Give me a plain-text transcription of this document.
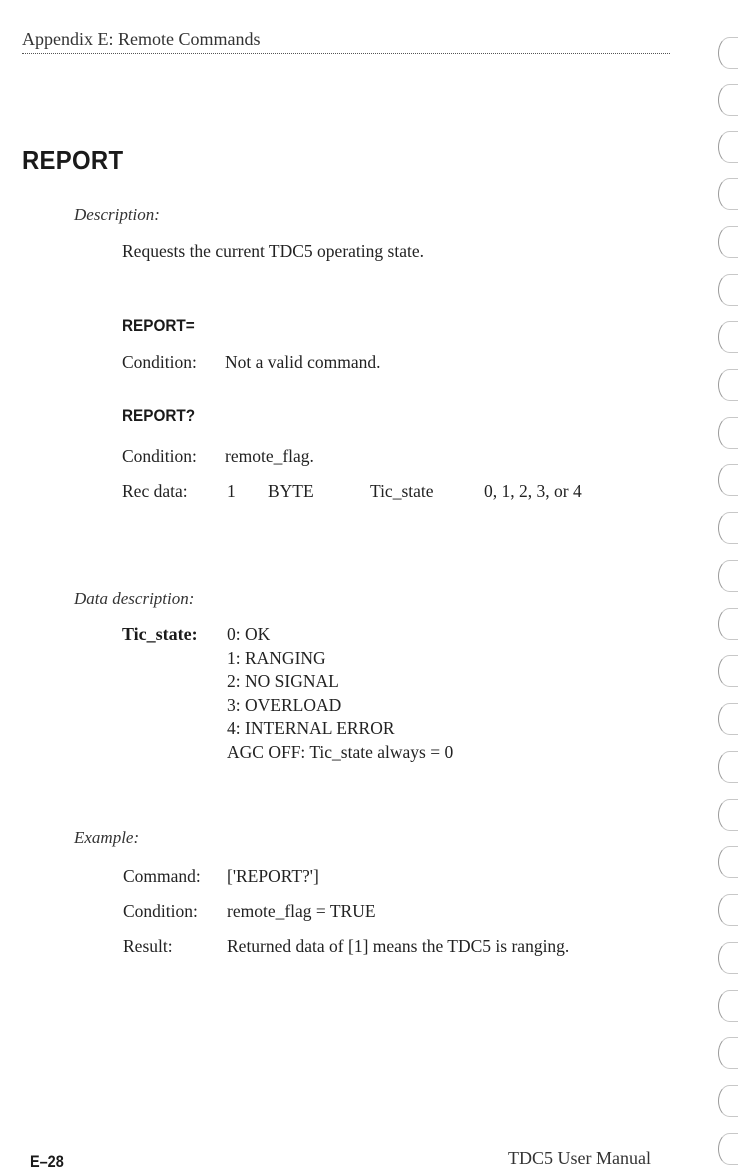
Appendix E: Remote Commands
REPORT
Description:
Requests the current TDC5 operating state.
REPORT=
Condition: Not a valid command.
REPORT?
Condition: remote_flag.
Rec data: 1 BYTE	Tic_state	0, 1, 2, 3, or 4
Data description:
Tic_state: 0: OK
1: RANGING
2: NO SIGNAL
3: OVERLOAD
4: INTERNAL ERROR
AGC OFF: Tic_state always = 0
Example:
Command: ['REPORT?']
Condition: remote_flag = TRUE
Result:	Returned data of [1] means the TDC5 is ranging.
E–28	TDC5 User Manual
